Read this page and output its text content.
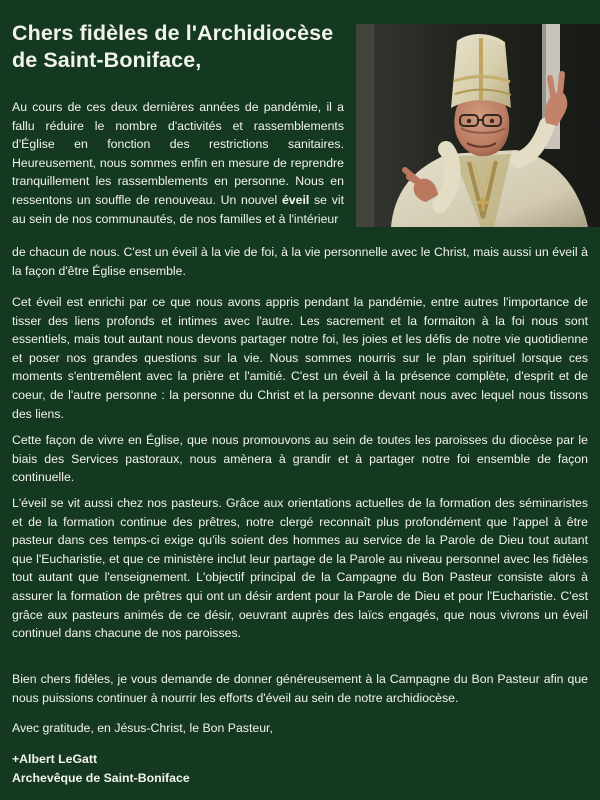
Chers fidèles de l'Archidiocèse de Saint-Boniface,

Au cours de ces deux dernières années de pandémie, il a fallu réduire le nombre d'activités et rassemblements d'Église en fonction des restrictions sanitaires. Heureusement, nous sommes enfin en mesure de reprendre tranquillement les rassemblements en personne. Nous en ressentons un souffle de renouveau. Un nouvel éveil se vit au sein de nos communautés, de nos familles et à l'intérieur

de chacun de nous. C'est un éveil à la vie de foi, à la vie personnelle avec le Christ, mais aussi un éveil à la façon d'être Église ensemble.

Cet éveil est enrichi par ce que nous avons appris pendant la pandémie, entre autres l'importance de tisser des liens profonds et intimes avec l'autre. Les sacrement et la formaiton à la foi nous sont essentiels, mais tout autant nous devons partager notre foi, les joies et les défis de notre vie quotidienne et poser nos grandes questions sur la vie. Nous sommes nourris sur le plan spirituel lorsque ces moments s'entremêlent avec la prière et l'amitié. C'est un éveil à la présence complète, d'esprit et de coeur, de l'autre personne : la personne du Christ et la personne devant nous avec lequel nous tissons des liens.

Cette façon de vivre en Église, que nous promouvons au sein de toutes les paroisses du diocèse par le biais des Services pastoraux, nous amènera à grandir et à partager notre foi ensemble de façon continuelle.

L'éveil se vit aussi chez nos pasteurs. Grâce aux orientations actuelles de la formation des séminaristes et de la formation continue des prêtres, notre clergé reconnaît plus profondément que l'appel à être pasteur dans ces temps-ci exige qu'ils soient des hommes au service de la Parole de Dieu tout autant que l'Eucharistie, et que ce ministère inclut leur partage de la Parole au niveau personnel avec les fidèles tout autant que l'enseignement. L'objectif principal de la Campagne du Bon Pasteur consiste alors à assurer la formation de prêtres qui ont un désir ardent pour la Parole de Dieu et pour l'Eucharistie. C'est grâce aux pasteurs animés de ce désir, oeuvrant auprès des laïcs engagés, que nous vivrons un éveil continuel dans chacune de nos paroisses.

Bien chers fidèles, je vous demande de donner généreusement à la Campagne du Bon Pasteur afin que nous puissions continuer à nourrir les efforts d'éveil au sein de notre archidiocèse.

Avec gratitude, en Jésus-Christ, le Bon Pasteur,

+Albert LeGatt
Archevêque de Saint-Boniface
